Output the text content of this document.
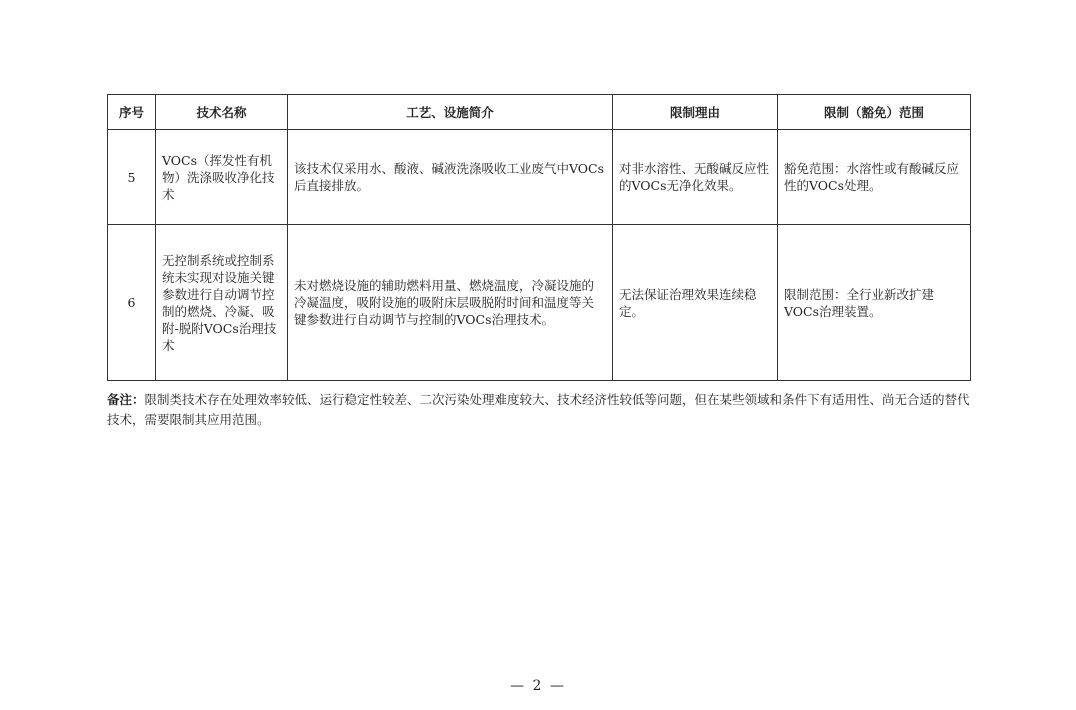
序号	技术名称	工艺、设施简介	限制理由	限制（豁免）范围
5	VOCs（挥发性有机物）洗涤吸收净化技术	该技术仅采用水、酸液、碱液洗涤吸收工业废气中VOCs后直接排放。	对非水溶性、无酸碱反应性的VOCs无净化效果。	豁免范围：水溶性或有酸碱反应性的VOCs处理。
6	无控制系统或控制系统未实现对设施关键参数进行自动调节控制的燃烧、冷凝、吸附-脱附VOCs治理技术	未对燃烧设施的辅助燃料用量、燃烧温度，冷凝设施的冷凝温度，吸附设施的吸附床层吸脱附时间和温度等关键参数进行自动调节与控制的VOCs治理技术。	无法保证治理效果连续稳定。	限制范围：全行业新改扩建VOCs治理装置。
备注：限制类技术存在处理效率较低、运行稳定性较差、二次污染处理难度较大、技术经济性较低等问题，但在某些领域和条件下有适用性、尚无合适的替代技术，需要限制其应用范围。
— 2 —
